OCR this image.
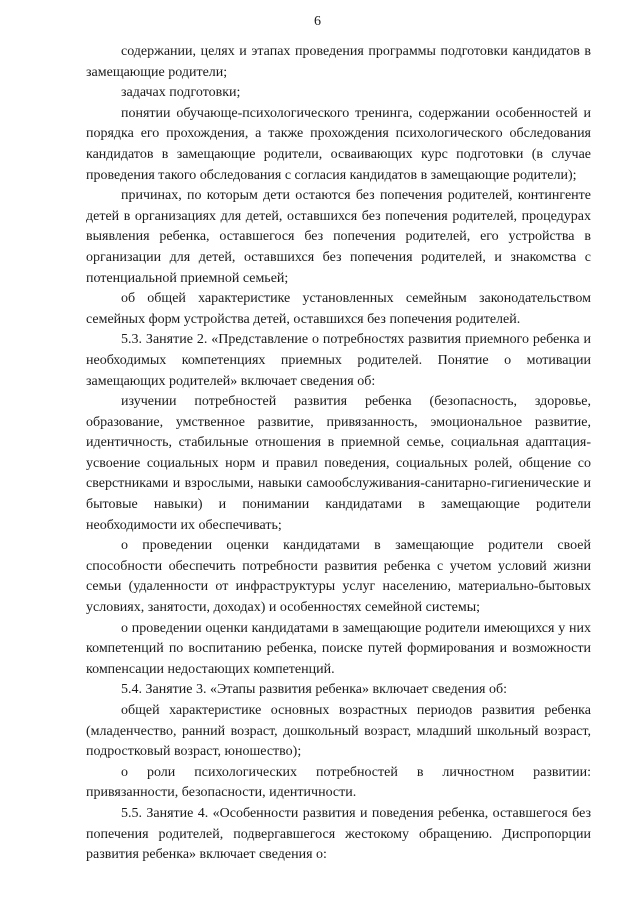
6

содержании, целях и этапах проведения программы подготовки кандидатов в замещающие родители;

задачах подготовки;

понятии обучающе-психологического тренинга, содержании особенностей и порядка его прохождения, а также прохождения психологического обследования кандидатов в замещающие родители, осваивающих курс подготовки (в случае проведения такого обследования с согласия кандидатов в замещающие родители);

причинах, по которым дети остаются без попечения родителей, контингенте детей в организациях для детей, оставшихся без попечения родителей, процедурах выявления ребенка, оставшегося без попечения родителей, его устройства в организации для детей, оставшихся без попечения родителей, и знакомства с потенциальной приемной семьей;

об общей характеристике установленных семейным законодательством семейных форм устройства детей, оставшихся без попечения родителей.

5.3. Занятие 2. «Представление о потребностях развития приемного ребенка и необходимых компетенциях приемных родителей. Понятие о мотивации замещающих родителей» включает сведения об:

изучении потребностей развития ребенка (безопасность, здоровье, образование, умственное развитие, привязанность, эмоциональное развитие, идентичность, стабильные отношения в приемной семье, социальная адаптация-усвоение социальных норм и правил поведения, социальных ролей, общение со сверстниками и взрослыми, навыки самообслуживания-санитарно-гигиенические и бытовые навыки) и понимании кандидатами в замещающие родители необходимости их обеспечивать;

о проведении оценки кандидатами в замещающие родители своей способности обеспечить потребности развития ребенка с учетом условий жизни семьи (удаленности от инфраструктуры услуг населению, материально-бытовых условиях, занятости, доходах) и особенностях семейной системы;

о проведении оценки кандидатами в замещающие родители имеющихся у них компетенций по воспитанию ребенка, поиске путей формирования и возможности компенсации недостающих компетенций.

5.4. Занятие 3. «Этапы развития ребенка» включает сведения об:

общей характеристике основных возрастных периодов развития ребенка (младенчество, ранний возраст, дошкольный возраст, младший школьный возраст, подростковый возраст, юношество);

о роли психологических потребностей в личностном развитии: привязанности, безопасности, идентичности.

5.5. Занятие 4. «Особенности развития и поведения ребенка, оставшегося без попечения родителей, подвергавшегося жестокому обращению. Диспропорции развития ребенка» включает сведения о:
